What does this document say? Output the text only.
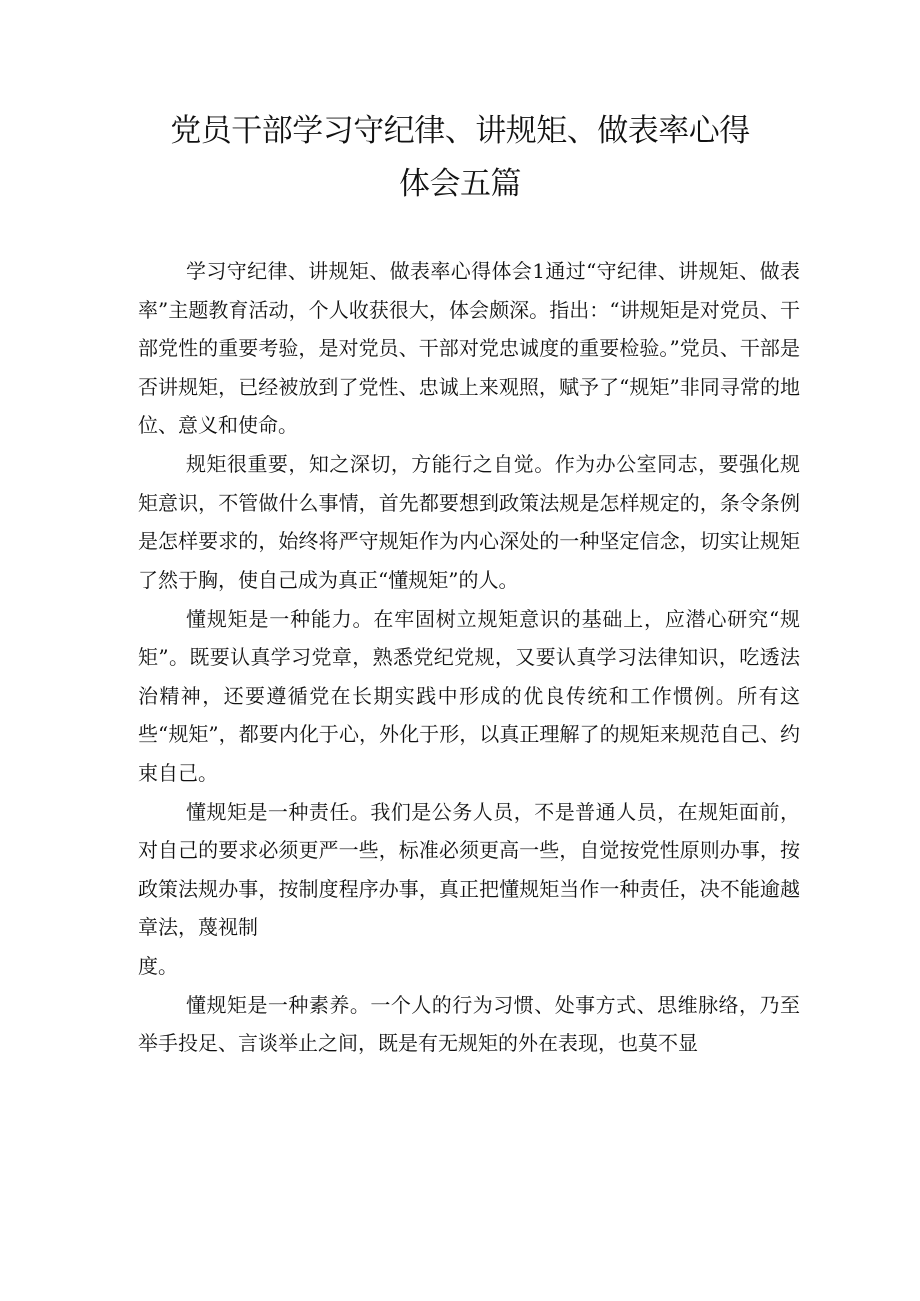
党员干部学习守纪律、讲规矩、做表率心得
体会五篇

学习守纪律、讲规矩、做表率心得体会1通过“守纪律、讲规矩、做表率”主题教育活动，个人收获很大，体会颇深。指出：“讲规矩是对党员、干部党性的重要考验，是对党员、干部对党忠诚度的重要检验。”党员、干部是否讲规矩，已经被放到了党性、忠诚上来观照，赋予了“规矩”非同寻常的地位、意义和使命。

规矩很重要，知之深切，方能行之自觉。作为办公室同志，要强化规矩意识，不管做什么事情，首先都要想到政策法规是怎样规定的，条令条例是怎样要求的，始终将严守规矩作为内心深处的一种坚定信念，切实让规矩了然于胸，使自己成为真正“懂规矩”的人。

懂规矩是一种能力。在牢固树立规矩意识的基础上，应潜心研究“规矩”。既要认真学习党章，熟悉党纪党规，又要认真学习法律知识，吃透法治精神，还要遵循党在长期实践中形成的优良传统和工作惯例。所有这些“规矩”，都要内化于心，外化于形，以真正理解了的规矩来规范自己、约束自己。

懂规矩是一种责任。我们是公务人员，不是普通人员，在规矩面前，对自己的要求必须更严一些，标准必须更高一些，自觉按党性原则办事，按政策法规办事，按制度程序办事，真正把懂规矩当作一种责任，决不能逾越章法，蔑视制

度。

懂规矩是一种素养。一个人的行为习惯、处事方式、思维脉络，乃至举手投足、言谈举止之间，既是有无规矩的外在表现，也莫不显
